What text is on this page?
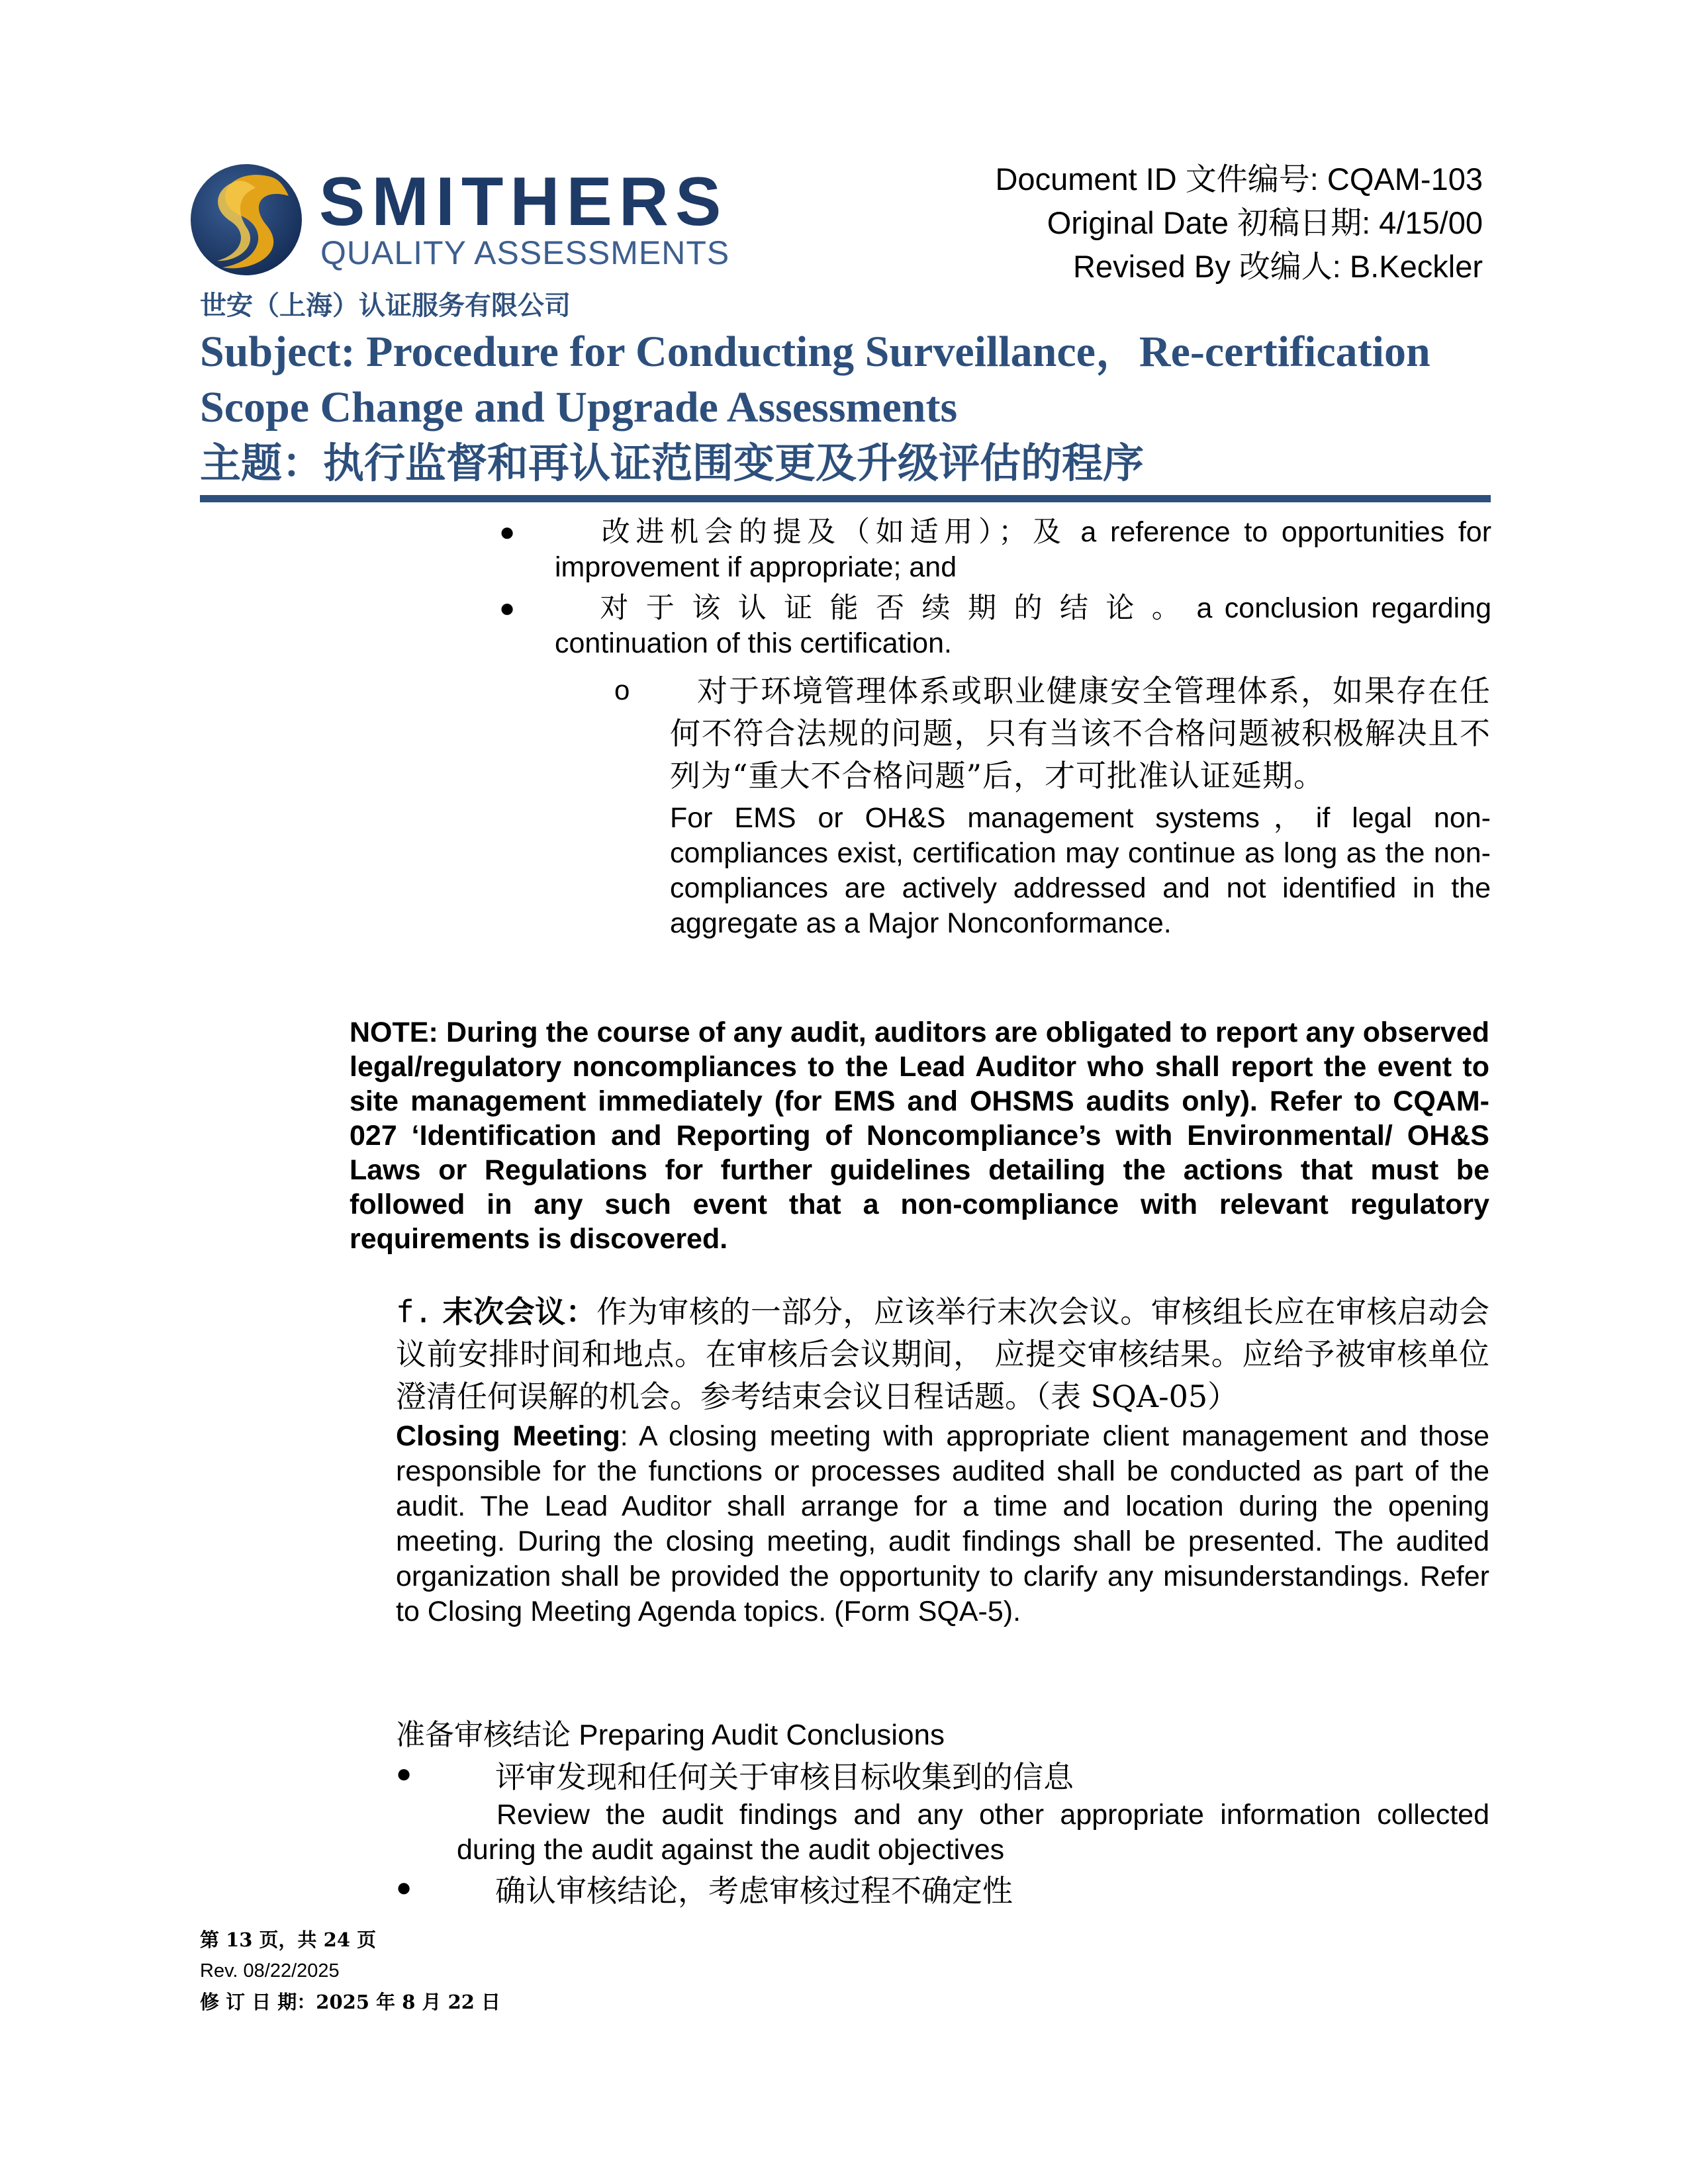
SMITHERS
QUALITY ASSESSMENTS
Document ID 文件编号: CQAM-103
Original Date 初稿日期: 4/15/00
Revised By 改编人: B.Keckler
世安（上海）认证服务有限公司
Subject: Procedure for Conducting Surveillance，Re-certification
Scope Change and Upgrade Assessments
主题：执行监督和再认证范围变更及升级评估的程序
●	改进机会的提及（如适用）；及 a reference to opportunities for improvement if appropriate; and
●	对 于 该 认 证 能 否 续 期 的 结 论 。 a conclusion regarding continuation of this certification.
o	对于环境管理体系或职业健康安全管理体系，如果存在任何不符合法规的问题，只有当该不合格问题被积极解决且不列为“重大不合格问题”后，才可批准认证延期。
For EMS or OH&S management systems，if legal non-compliances exist, certification may continue as long as the non-compliances are actively addressed and not identified in the aggregate as a Major Nonconformance.
NOTE: During the course of any audit, auditors are obligated to report any observed legal/regulatory noncompliances to the Lead Auditor who shall report the event to site management immediately (for EMS and OHSMS audits only). Refer to CQAM-027 ‘Identification and Reporting of Noncompliance’s with Environmental/ OH&S Laws or Regulations for further guidelines detailing the actions that must be followed in any such event that a non-compliance with relevant regulatory requirements is discovered.
f. 末次会议：作为审核的一部分，应该举行末次会议。审核组长应在审核启动会议前安排时间和地点。在审核后会议期间， 应提交审核结果。应给予被审核单位澄清任何误解的机会。参考结束会议日程话题。（表 SQA-05）
Closing Meeting: A closing meeting with appropriate client management and those responsible for the functions or processes audited shall be conducted as part of the audit. The Lead Auditor shall arrange for a time and location during the opening meeting. During the closing meeting, audit findings shall be presented. The audited organization shall be provided the opportunity to clarify any misunderstandings. Refer to Closing Meeting Agenda topics. (Form SQA-5).
准备审核结论 Preparing Audit Conclusions
●	评审发现和任何关于审核目标收集到的信息
Review the audit findings and any other appropriate information collected during the audit against the audit objectives
●	确认审核结论，考虑审核过程不确定性
第 13 页，共 24 页
Rev. 08/22/2025
修 订 日 期：2025 年 8 月 22 日
